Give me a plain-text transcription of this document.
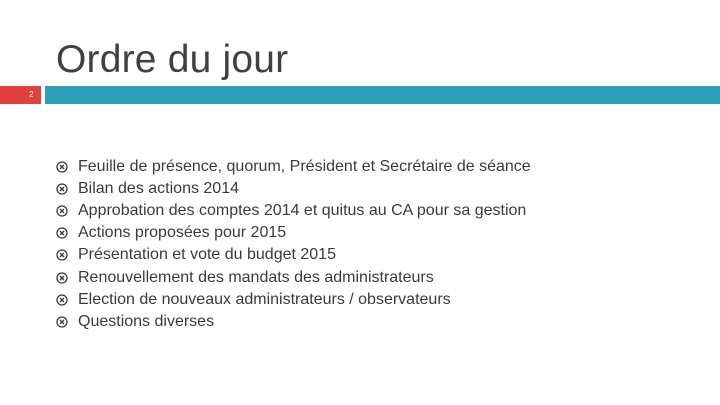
Ordre du jour
2
Feuille de présence, quorum, Président et Secrétaire de séance
Bilan des actions 2014
Approbation des comptes 2014 et quitus au CA pour sa gestion
Actions proposées pour 2015
Présentation et vote du budget 2015
Renouvellement des mandats des administrateurs
Election de nouveaux administrateurs / observateurs
Questions diverses
